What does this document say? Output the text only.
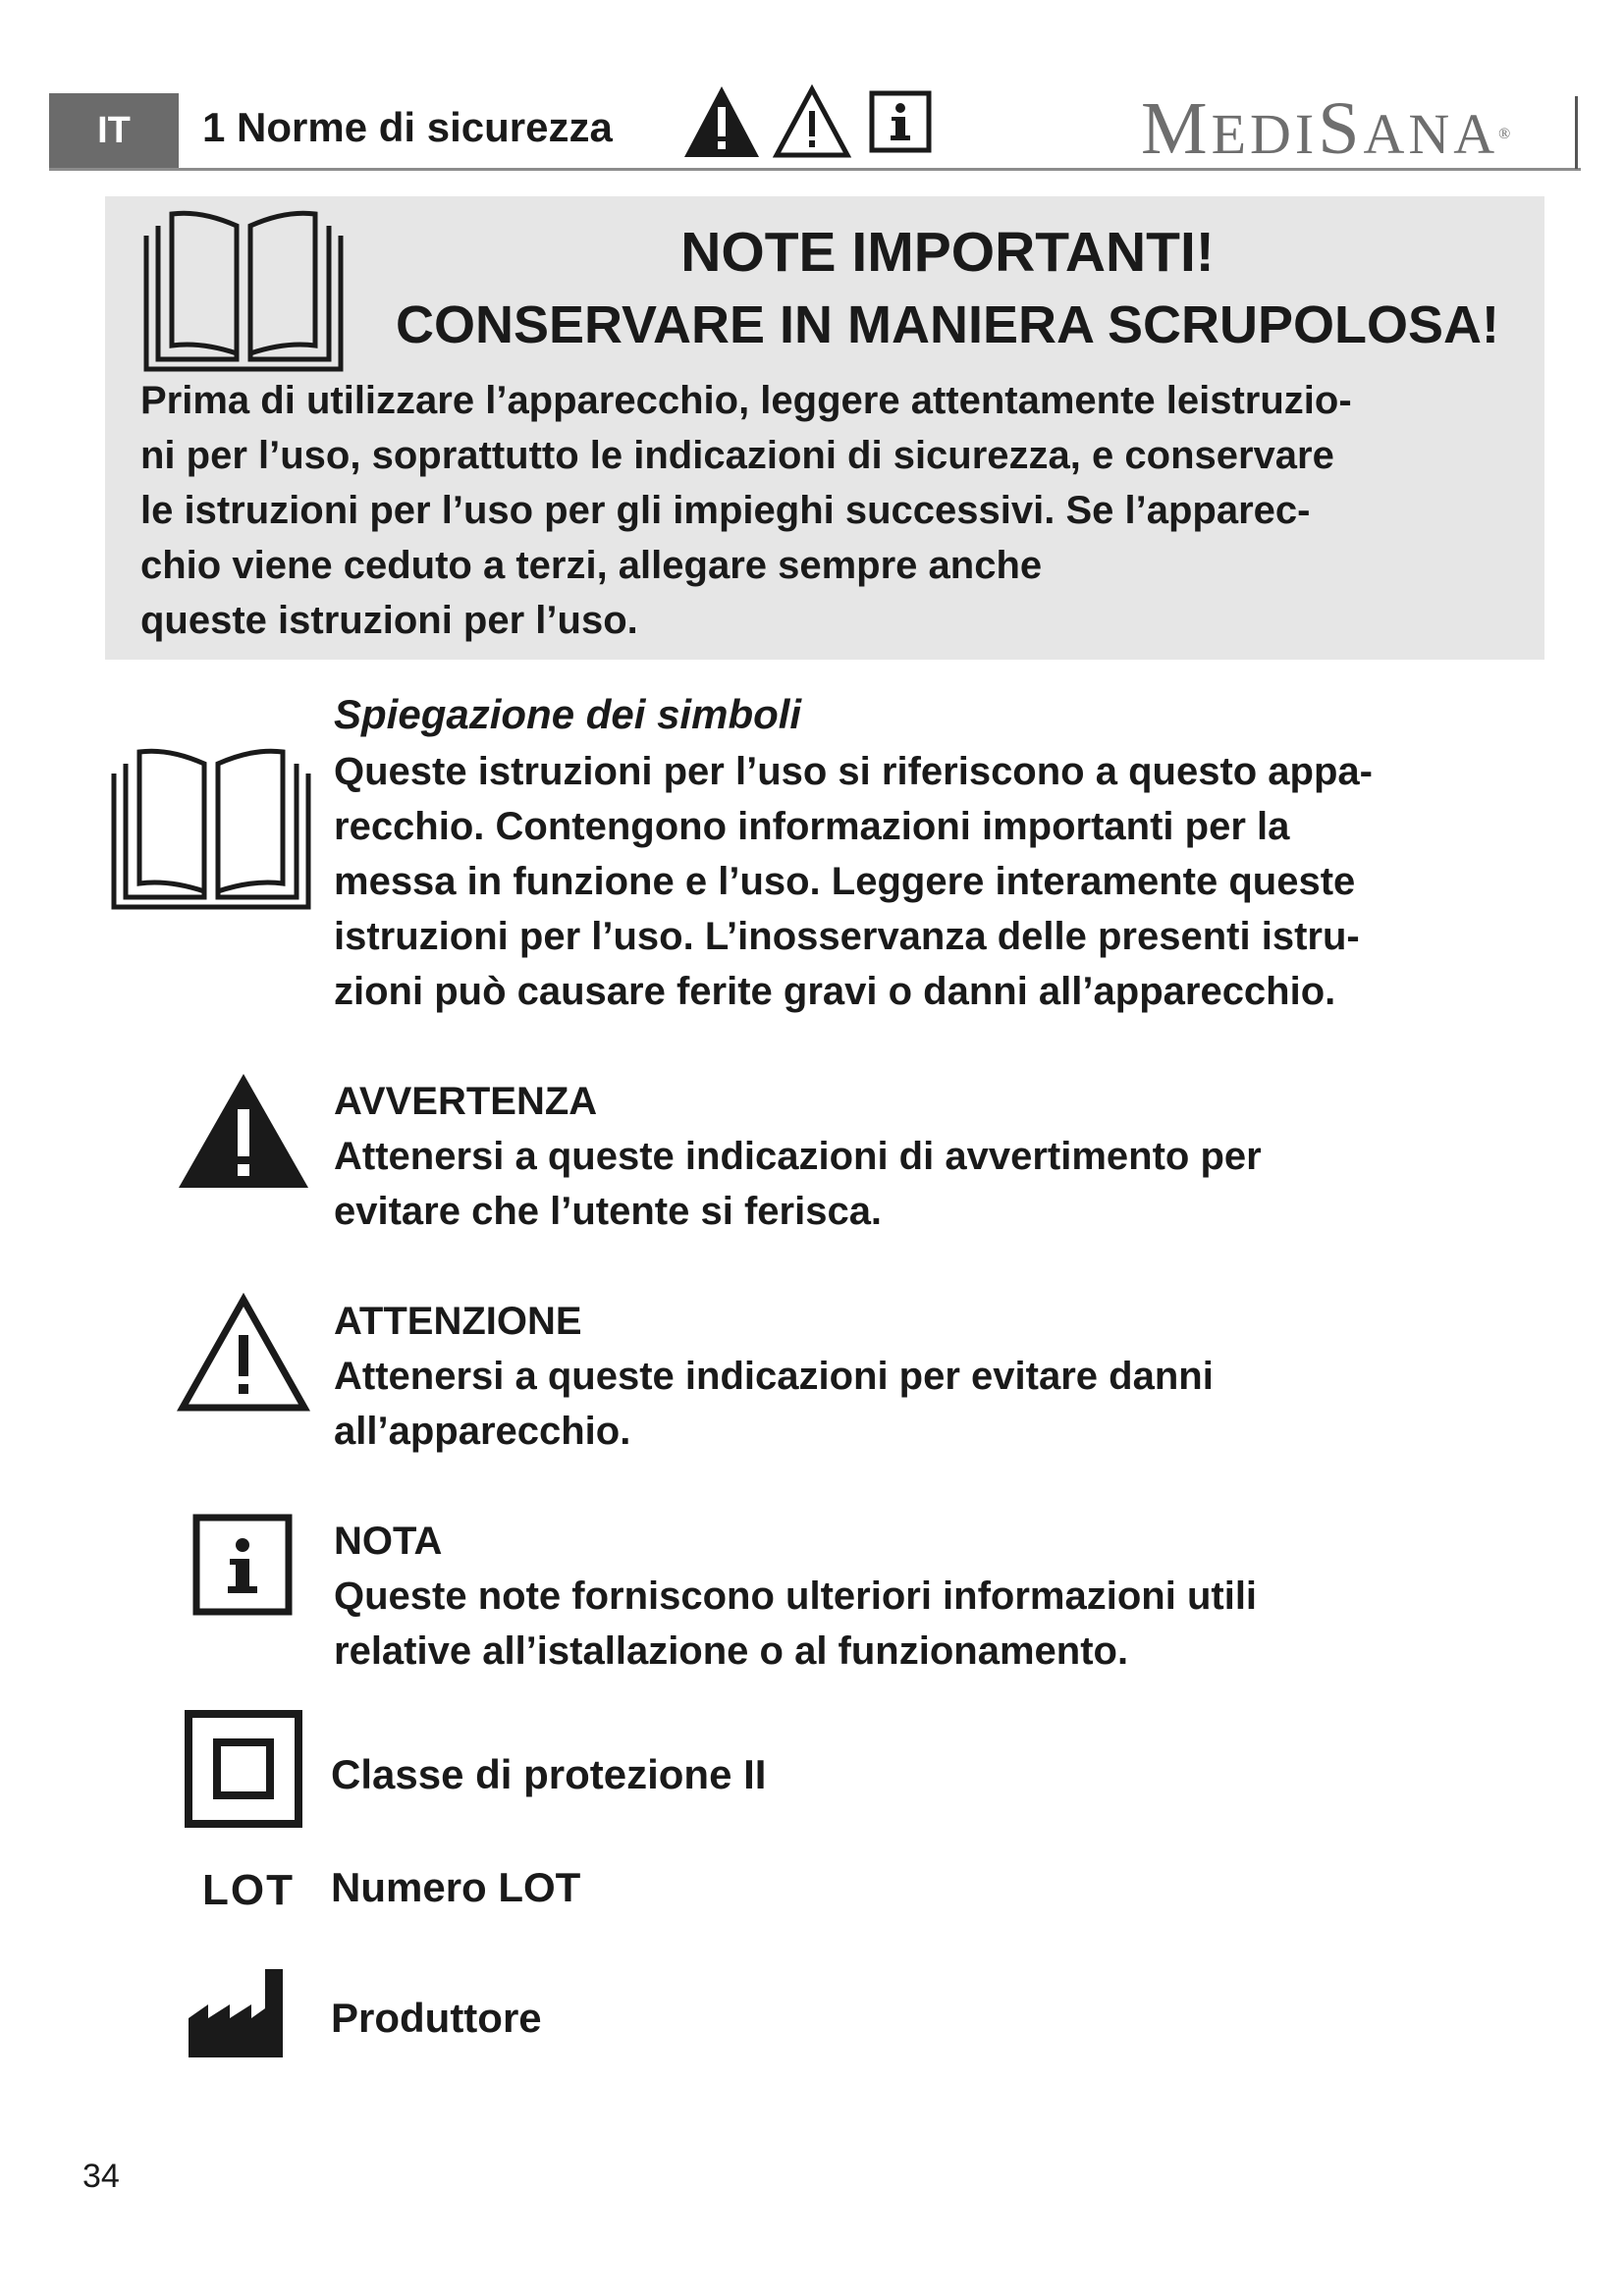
IT	1 Norme di sicurezza	MEDISANA®
NOTE IMPORTANTI!
CONSERVARE IN MANIERA SCRUPOLOSA!
Prima di utilizzare l’apparecchio, leggere attentamente leistruzio-
ni per l’uso, soprattutto le indicazioni di sicurezza, e conservare
le istruzioni per l’uso per gli impieghi successivi. Se l’apparec-
chio viene ceduto a terzi, allegare sempre anche
queste istruzioni per l’uso.
Spiegazione dei simboli
Queste istruzioni per l’uso si riferiscono a questo appa-
recchio. Contengono informazioni importanti per la
messa in funzione e l’uso. Leggere interamente queste
istruzioni per l’uso. L’inosservanza delle presenti istru-
zioni può causare ferite gravi o danni all’apparecchio.
AVVERTENZA
Attenersi a queste indicazioni di avvertimento per
evitare che l’utente si ferisca.
ATTENZIONE
Attenersi a queste indicazioni per evitare danni
all’apparecchio.
NOTA
Queste note forniscono ulteriori informazioni utili
relative all’istallazione o al funzionamento.
Classe di protezione II
LOT Numero LOT
Produttore
34
